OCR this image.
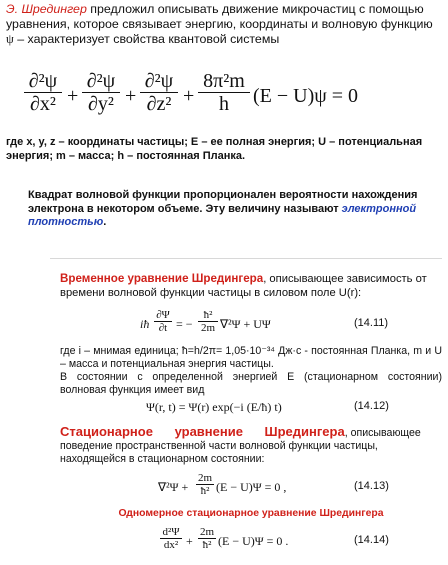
Э. Шредингер предложил описывать движение микрочастиц с помощью уравнения, которое связывает энергию, координаты и волновую функцию ψ – характеризует свойства квантовой системы
∂²ψ
∂x² +
∂²ψ
∂y² +
∂²ψ
∂z² +
8π²m
h	(E − U)ψ = 0
где x, y, z – координаты частицы; E – ее полная энергия; U – потенциальная энергия; m – масса; h – постоянная Планка.
Квадрат волновой функции пропорционален вероятности нахождения электрона в некотором объеме. Эту величину называют электронной плотностью.
Временное уравнение Шредингера, описывающее зависимость от времени волновой функции частицы в силовом поле U(r):
iħ
∂Ψ
∂t = −
ħ²
2m ∇²Ψ + UΨ	(14.11)
где i – мнимая единица; ħ=h/2π= 1,05·10⁻³⁴ Дж·с - постоянная Планка, m и U – масса и потенциальная энергия частицы.
В состоянии с определенной энергией E (стационарном состоянии) волновая функция имеет вид
Ψ(r, t) = Ψ(r) exp(−i (E/ħ) t)	(14.12)
Стационарное уравнение Шредингера, описывающее поведение пространственной части волновой функции частицы, находящейся в стационарном состоянии:
∇²Ψ +
2m
ħ² (E − U)Ψ = 0 ,	(14.13)
Одномерное стационарное уравнение Шредингера
d²Ψ
dx² +
2m
ħ² (E − U)Ψ = 0 .	(14.14)
